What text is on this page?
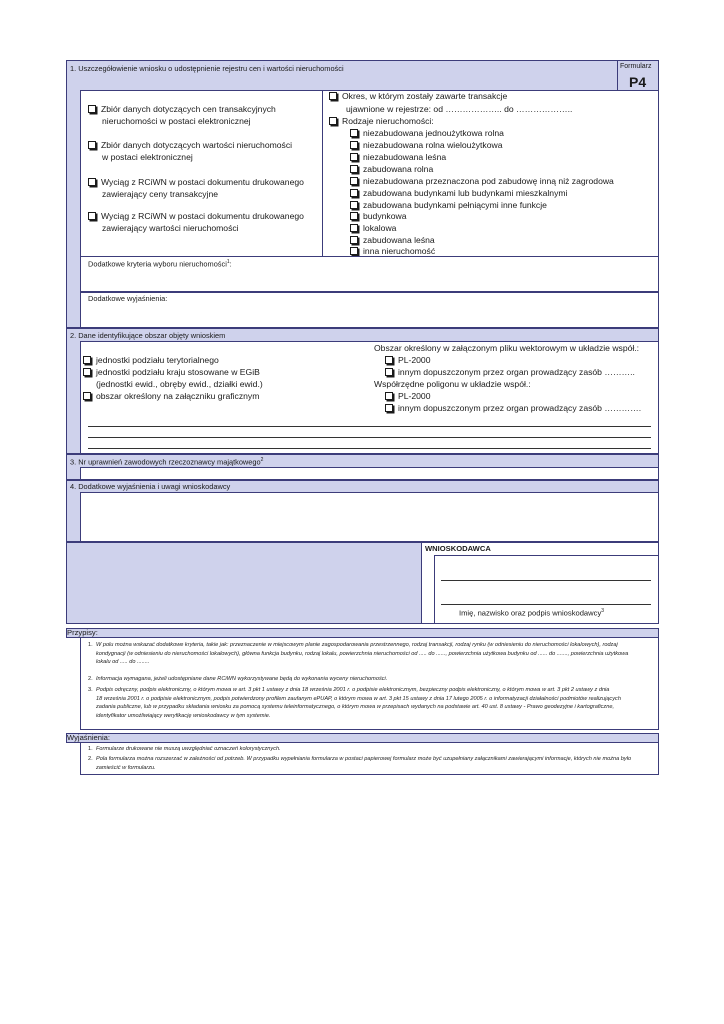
1. Uszczegółowienie wniosku o udostępnienie rejestru cen i wartości nieruchomości	Formularz
P4
Zbiór danych dotyczących cen transakcyjnych
nieruchomości w postaci elektronicznej
Zbiór danych dotyczących wartości nieruchomości
w postaci elektronicznej
Wyciąg z RCiWN w postaci dokumentu drukowanego
zawierający ceny transakcyjne
Wyciąg z RCiWN w postaci dokumentu drukowanego
zawierający wartości nieruchomości
Okres, w którym zostały zawarte transakcje
ujawnione w rejestrze: od ……………….. do ………………..
Rodzaje nieruchomości:
niezabudowana jednoużytkowa rolna
niezabudowana rolna wieloużytkowa
niezabudowana leśna
zabudowana rolna
niezabudowana przeznaczona pod zabudowę inną niż zagrodowa
zabudowana budynkami lub budynkami mieszkalnymi
zabudowana budynkami pełniącymi inne funkcje
budynkowa
lokalowa
zabudowana leśna
inna nieruchomość
Dodatkowe kryteria wyboru nieruchomości$^1$:
Dodatkowe wyjaśnienia:
2. Dane identyfikujące obszar objęty wnioskiem
jednostki podziału terytorialnego
jednostki podziału kraju stosowane w EGiB
(jednostki ewid., obręby ewid., działki ewid.)
obszar określony na załączniku graficznym
Obszar określony w załączonym pliku wektorowym w układzie współ.:
PL-2000
innym dopuszczonym przez organ prowadzący zasób ………..
Współrzędne poligonu w układzie współ.:
PL-2000
innym dopuszczonym przez organ prowadzący zasób ………….
3. Nr uprawnień zawodowych rzeczoznawcy majątkowego$^2$
4. Dodatkowe wyjaśnienia i uwagi wnioskodawcy
WNIOSKODAWCA
Imię, nazwisko oraz podpis wnioskodawcy$^3$
Przypisy:
1. W polu można wskazać dodatkowe kryteria, takie jak: przeznaczenie w miejscowym planie zagospodarowania przestrzennego, rodzaj transakcji, rodzaj rynku (w odniesieniu do nieruchomości lokalowych), rodzaj
kondygnacji (w odniesieniu do nieruchomości lokalowych), główna funkcja budynku, rodzaj lokalu, powierzchnia nieruchomości od ..... do ......, powierzchnia użytkowa budynku od ...... do ......., powierzchnia użytkowa
lokalu od ..... do ........
2. Informacja wymagana, jeżeli udostępniane dane RCiWN wykorzystywane będą do wykonania wyceny nieruchomości.
3. Podpis odręczny, podpis elektroniczny, o którym mowa w art. 3 pkt 1 ustawy z dnia 18 września 2001 r. o podpisie elektronicznym, bezpieczny podpis elektroniczny, o którym mowa w art. 3 pkt 2 ustawy z dnia
18 września 2001 r. o podpisie elektronicznym, podpis potwierdzony profilem zaufanym ePUAP, o którym mowa w art. 3 pkt 15 ustawy z dnia 17 lutego 2005 r. o informatyzacji działalności podmiotów realizujących
zadania publiczne, lub w przypadku składania wniosku za pomocą systemu teleinformatycznego, o którym mowa w przepisach wydanych na podstawie art. 40 ust. 8 ustawy - Prawo geodezyjne i kartograficzne,
identyfikator umożliwiający weryfikację wnioskodawcy w tym systemie.
Wyjaśnienia:
1. Formularze drukowane nie muszą uwzględniać oznaczeń kolorystycznych.
2. Pola formularza można rozszerzać w zależności od potrzeb. W przypadku wypełniania formularza w postaci papierowej formularz może być uzupełniany załącznikami zawierającymi informacje, których nie można było
zamieścić w formularzu.
